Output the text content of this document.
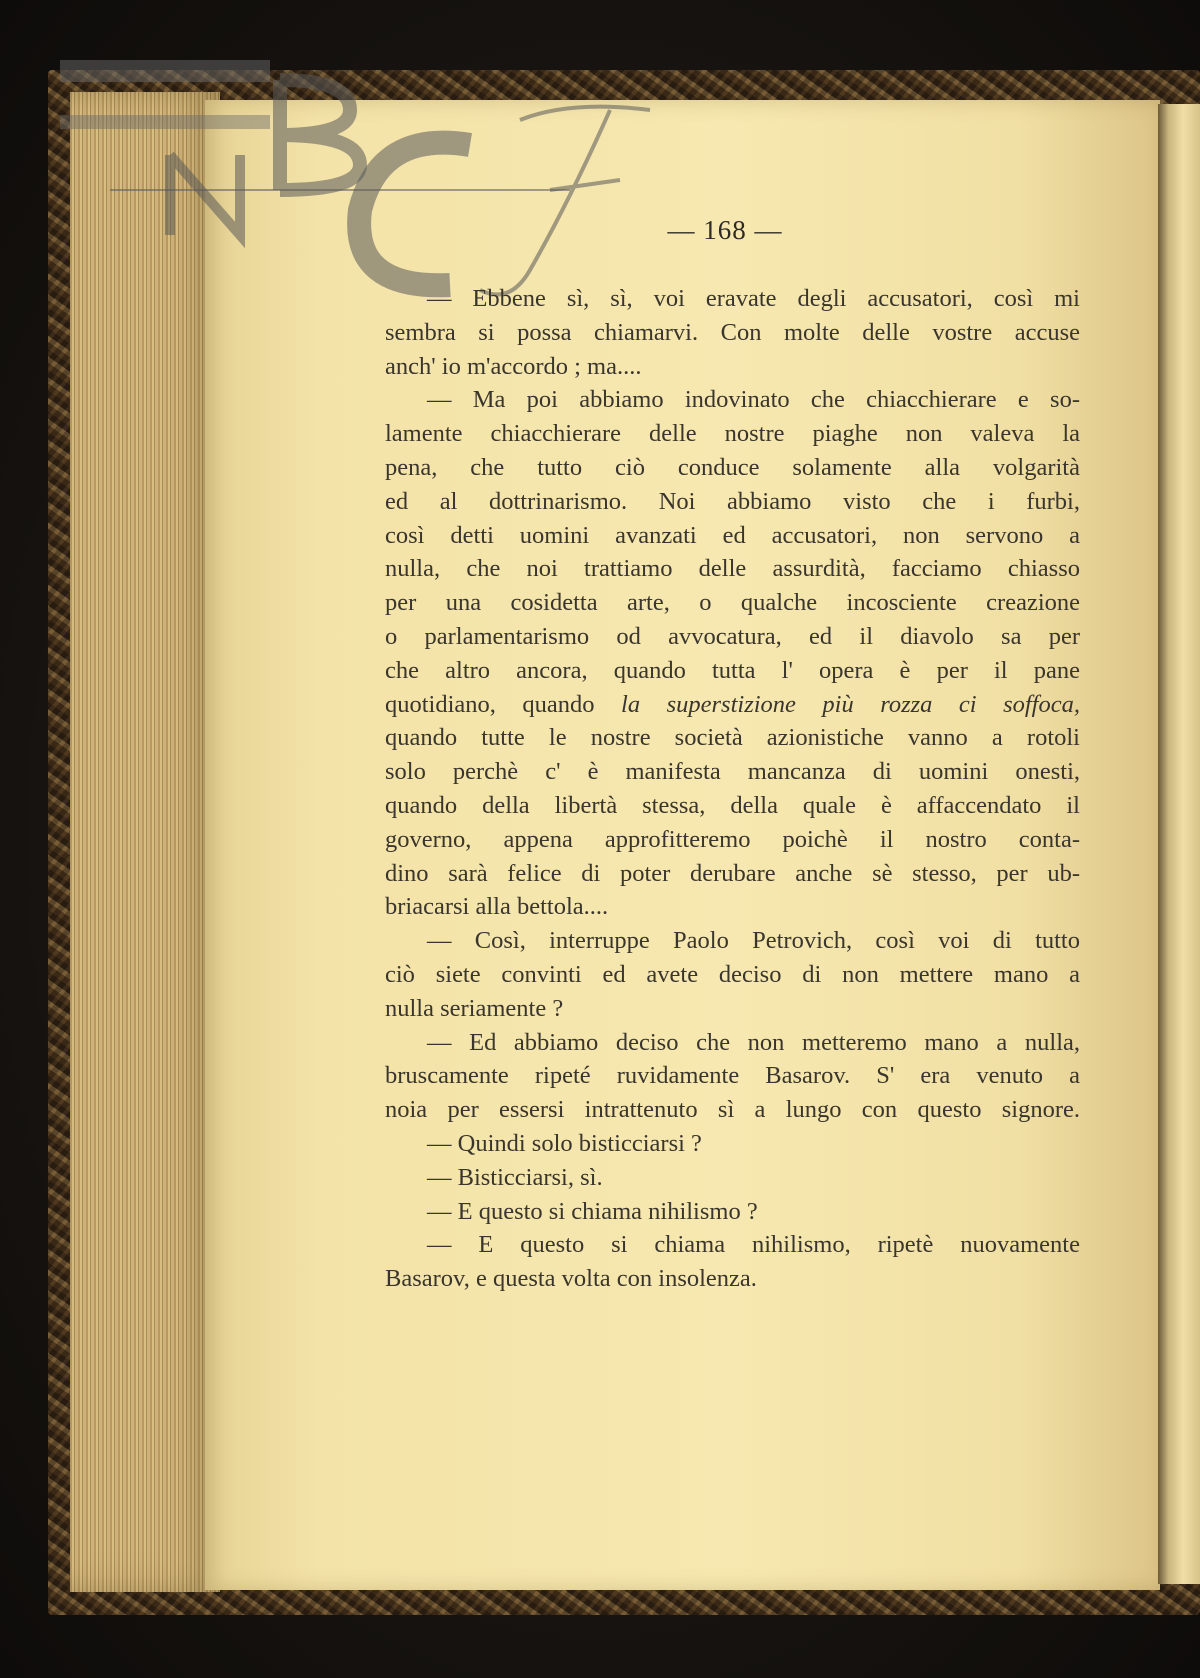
— 168 —
— Ebbene sì, sì, voi eravate degli accusatori, così mi
sembra si possa chiamarvi. Con molte delle vostre accuse
anch' io m'accordo ; ma....
— Ma poi abbiamo indovinato che chiacchierare e so-
lamente chiacchierare delle nostre piaghe non valeva la
pena, che tutto ciò conduce solamente alla volgarità
ed al dottrinarismo. Noi abbiamo visto che i furbi,
così detti uomini avanzati ed accusatori, non servono a
nulla, che noi trattiamo delle assurdità, facciamo chiasso
per una cosidetta arte, o qualche incosciente creazione
o parlamentarismo od avvocatura, ed il diavolo sa per
che altro ancora, quando tutta l' opera è per il pane
quotidiano, quando la superstizione più rozza ci soffoca,
quando tutte le nostre società azionistiche vanno a rotoli
solo perchè c' è manifesta mancanza di uomini onesti,
quando della libertà stessa, della quale è affaccendato il
governo, appena approfitteremo poichè il nostro conta-
dino sarà felice di poter derubare anche sè stesso, per ub-
briacarsi alla bettola....
— Così, interruppe Paolo Petrovich, così voi di tutto
ciò siete convinti ed avete deciso di non mettere mano a
nulla seriamente ?
— Ed abbiamo deciso che non metteremo mano a nulla,
bruscamente ripeté ruvidamente Basarov. S' era venuto a
noia per essersi intrattenuto sì a lungo con questo signore.
— Quindi solo bisticciarsi ?
— Bisticciarsi, sì.
— E questo si chiama nihilismo ?
— E questo si chiama nihilismo, ripetè nuovamente
Basarov, e questa volta con insolenza.
